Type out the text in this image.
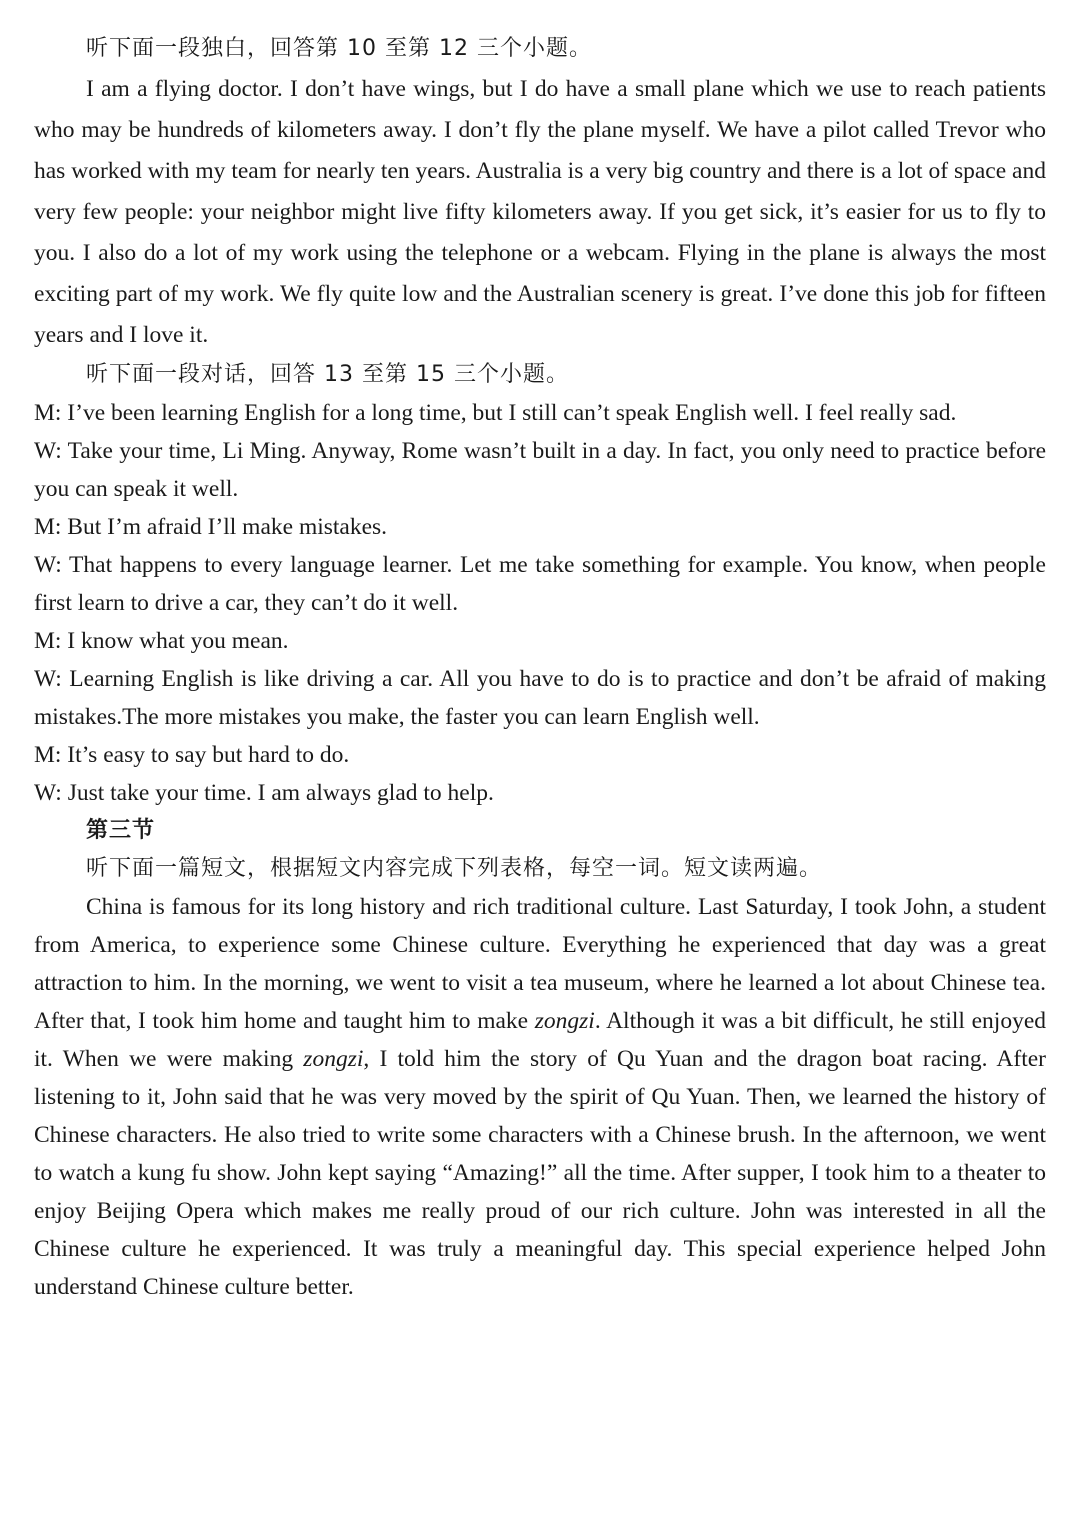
听下面一段独白，回答第 10 至第 12 三个小题。

I am a flying doctor. I don’t have wings, but I do have a small plane which we use to reach patients who may be hundreds of kilometers away. I don’t fly the plane myself. We have a pilot called Trevor who has worked with my team for nearly ten years. Australia is a very big country and there is a lot of space and very few people: your neighbor might live fifty kilometers away. If you get sick, it’s easier for us to fly to you. I also do a lot of my work using the telephone or a webcam. Flying in the plane is always the most exciting part of my work. We fly quite low and the Australian scenery is great. I’ve done this job for fifteen years and I love it.

听下面一段对话，回答 13 至第 15 三个小题。

M: I’ve been learning English for a long time, but I still can’t speak English well. I feel really sad.

W: Take your time, Li Ming. Anyway, Rome wasn’t built in a day. In fact, you only need to practice before you can speak it well.

M: But I’m afraid I’ll make mistakes.

W: That happens to every language learner. Let me take something for example. You know, when people first learn to drive a car, they can’t do it well.

M: I know what you mean.

W: Learning English is like driving a car. All you have to do is to practice and don’t be afraid of making mistakes.The more mistakes you make, the faster you can learn English well.

M: It’s easy to say but hard to do.

W: Just take your time. I am always glad to help.

第三节

听下面一篇短文，根据短文内容完成下列表格，每空一词。短文读两遍。

China is famous for its long history and rich traditional culture. Last Saturday, I took John, a student from America, to experience some Chinese culture. Everything he experienced that day was a great attraction to him. In the morning, we went to visit a tea museum, where he learned a lot about Chinese tea. After that, I took him home and taught him to make zongzi. Although it was a bit difficult, he still enjoyed it. When we were making zongzi, I told him the story of Qu Yuan and the dragon boat racing. After listening to it, John said that he was very moved by the spirit of Qu Yuan. Then, we learned the history of Chinese characters. He also tried to write some characters with a Chinese brush. In the afternoon, we went to watch a kung fu show. John kept saying “Amazing!” all the time. After supper, I took him to a theater to enjoy Beijing Opera which makes me really proud of our rich culture. John was interested in all the Chinese culture he experienced. It was truly a meaningful day. This special experience helped John understand Chinese culture better.
